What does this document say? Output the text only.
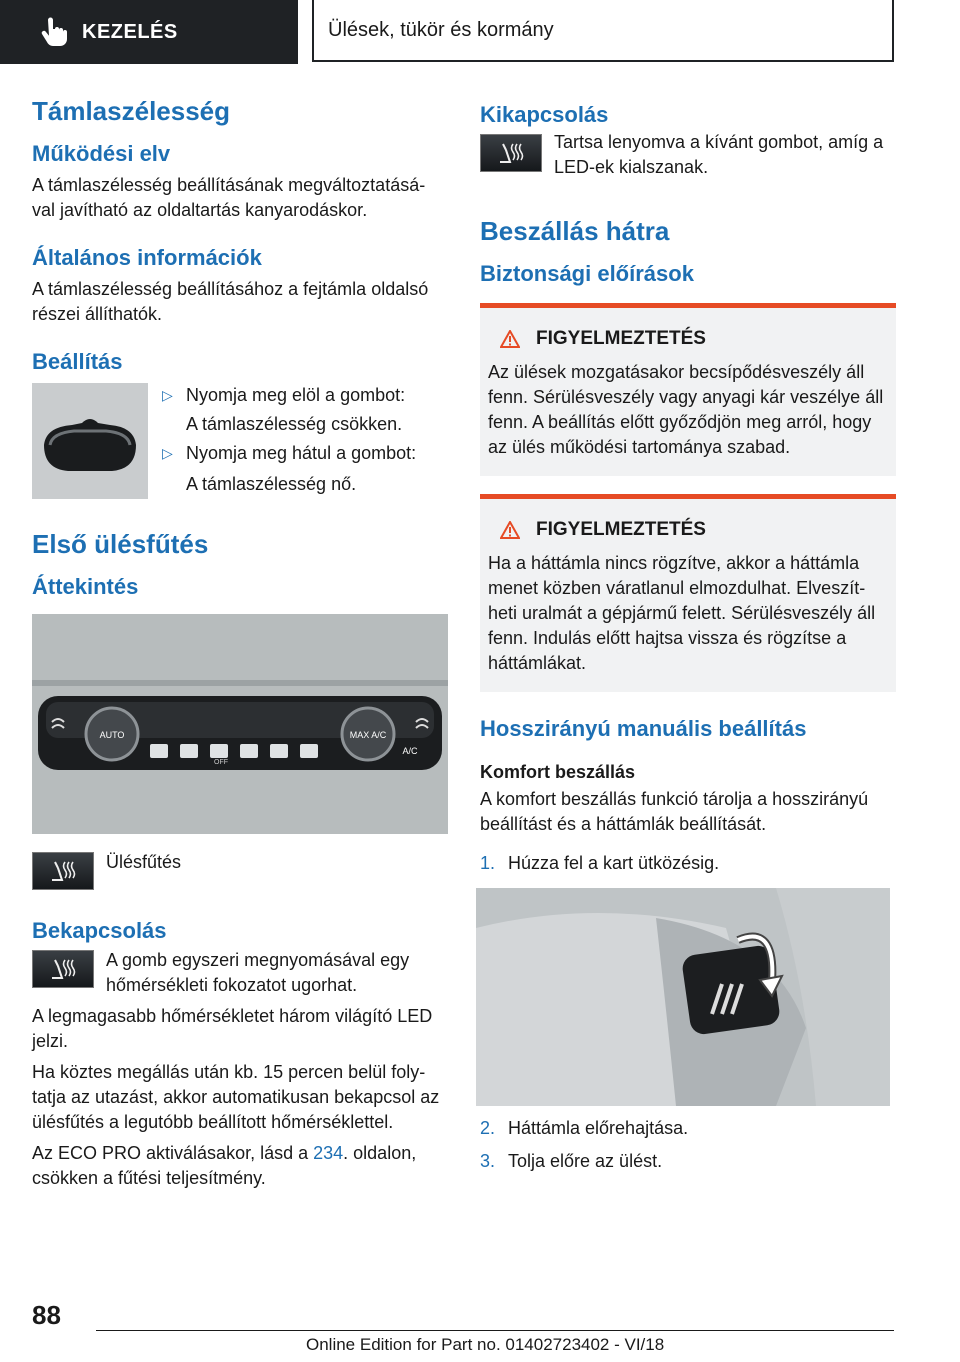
KEZELÉS	Ülések, tükör és kormány
Támlaszélesség
Működési elv

A támlaszélesség beállításának megváltoztatásá-val javítható az oldaltartás kanyarodáskor.

Általános információk

A támlaszélesség beállításához a fejtámla oldalsó részei állíthatók.

Beállítás
▷ Nyomja meg elöl a gombot:
A támlaszélesség csökken.
▷ Nyomja meg hátul a gombot:
A támlaszélesség nő.
Első ülésfűtés
Áttekintés
AUTO	MAX A/C
OFF
A/C

Ülésfűtés

Bekapcsolás

A gomb egyszeri megnyomásával egy hőmérsékleti fokozatot ugorhat.

A legmagasabb hőmérsékletet három világító LED jelzi.

Ha köztes megállás után kb. 15 percen belül foly-tatja az utazást, akkor automatikusan bekapcsol az ülésfűtés a legutóbb beállított hőmérséklettel.

Az ECO PRO aktiválásakor, lásd a 234. oldalon, csökken a fűtési teljesítmény.

Kikapcsolás

Tartsa lenyomva a kívánt gombot, amíg a LED-ek kialszanak.

Beszállás hátra
Biztonsági előírások
FIGYELMEZTETÉS

Az ülések mozgatásakor becsípődésveszély áll fenn. Sérülésveszély vagy anyagi kár veszélye áll fenn. A beállítás előtt győződjön meg arról, hogy az ülés működési tartománya szabad.

FIGYELMEZTETÉS

Ha a háttámla nincs rögzítve, akkor a háttámla menet közben váratlanul elmozdulhat. Elveszít-heti uralmát a gépjármű felett. Sérülésveszély áll fenn. Indulás előtt hajtsa vissza és rögzítse a háttámlákat.

Hosszirányú manuális beállítás
Komfort beszállás

A komfort beszállás funkció tárolja a hosszirányú beállítást és a háttámlák beállítását.

1. Húzza fel a kart ütközésig.
2. Háttámla előrehajtása.
3. Tolja előre az ülést.
88
Online Edition for Part no. 01402723402 - VI/18
